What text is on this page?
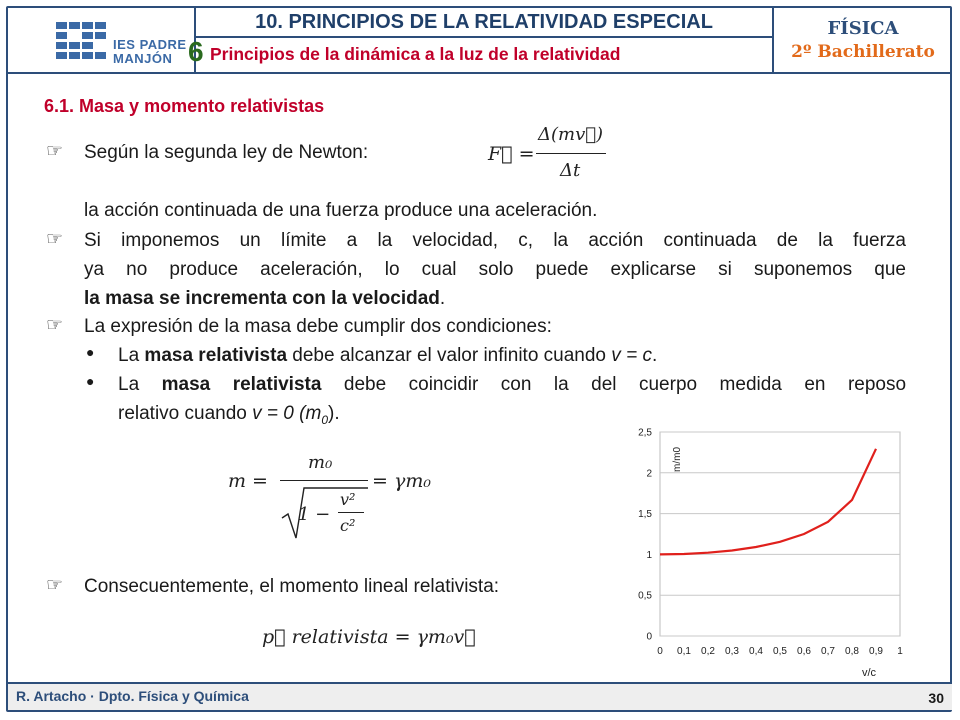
IES PADRE
MANJÓN
10. PRINCIPIOS DE LA RELATIVIDAD ESPECIAL
6 Principios de la dinámica a la luz de la relatividad
FÍSICA
2º Bachillerato
6.1. Masa y momento relativistas
☞ Según la segunda ley de Newton:	F⃗ =
Δ(mv⃗)
Δt
la acción continuada de una fuerza produce una aceleración.
☞ Si imponemos un límite a la velocidad, c, la acción continuada de la fuerza
ya no produce aceleración, lo cual solo puede explicarse si suponemos que
la masa se incrementa con la velocidad.
☞ La expresión de la masa debe cumplir dos condiciones:
● La masa relativista debe alcanzar el valor infinito cuando v = c.
● La masa relativista debe coincidir con la del cuerpo medida en reposo
relativo cuando v = 0 $(m_0)$.
m =
m₀
1 −
v²
c²
= γm₀
☞ Consecuentemente, el momento lineal relativista:
p⃗ relativista = γm₀v⃗	0
0,5
1
1,5
2
2,5
0 0,1 0,2 0,3 0,4 0,5 0,6 0,7 0,8 0,9 1
m/m0
v/c
R. Artacho · Dpto. Física y Química	30
